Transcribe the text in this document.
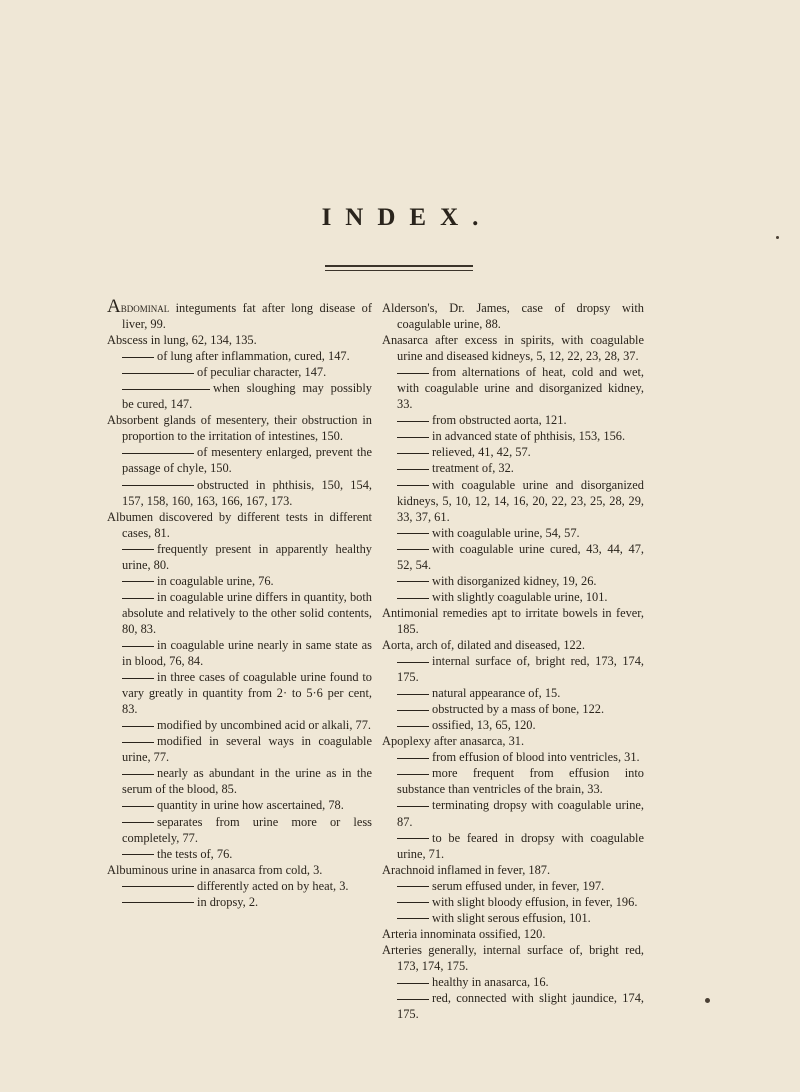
INDEX.

Abdominal integuments fat after long disease of liver, 99.

Abscess in lung, 62, 134, 135.

of lung after inflammation, cured, 147.

of peculiar character, 147.

when sloughing may possibly be cured, 147.

Absorbent glands of mesentery, their obstruction in proportion to the irritation of intestines, 150.

of mesentery enlarged, prevent the passage of chyle, 150.

obstructed in phthisis, 150, 154, 157, 158, 160, 163, 166, 167, 173.

Albumen discovered by different tests in different cases, 81.

frequently present in apparently healthy urine, 80.

in coagulable urine, 76.

in coagulable urine differs in quantity, both absolute and relatively to the other solid contents, 80, 83.

in coagulable urine nearly in same state as in blood, 76, 84.

in three cases of coagulable urine found to vary greatly in quantity from 2· to 5·6 per cent, 83.

modified by uncombined acid or alkali, 77.

modified in several ways in coagulable urine, 77.

nearly as abundant in the urine as in the serum of the blood, 85.

quantity in urine how ascertained, 78.

separates from urine more or less completely, 77.

the tests of, 76.

Albuminous urine in anasarca from cold, 3.

differently acted on by heat, 3.

in dropsy, 2.

Alderson's, Dr. James, case of dropsy with coagulable urine, 88.

Anasarca after excess in spirits, with coagulable urine and diseased kidneys, 5, 12, 22, 23, 28, 37.

from alternations of heat, cold and wet, with coagulable urine and disorganized kidney, 33.

from obstructed aorta, 121.

in advanced state of phthisis, 153, 156.

relieved, 41, 42, 57.

treatment of, 32.

with coagulable urine and disorganized kidneys, 5, 10, 12, 14, 16, 20, 22, 23, 25, 28, 29, 33, 37, 61.

with coagulable urine, 54, 57.

with coagulable urine cured, 43, 44, 47, 52, 54.

with disorganized kidney, 19, 26.

with slightly coagulable urine, 101.

Antimonial remedies apt to irritate bowels in fever, 185.

Aorta, arch of, dilated and diseased, 122.

internal surface of, bright red, 173, 174, 175.

natural appearance of, 15.

obstructed by a mass of bone, 122.

ossified, 13, 65, 120.

Apoplexy after anasarca, 31.

from effusion of blood into ventricles, 31.

more frequent from effusion into substance than ventricles of the brain, 33.

terminating dropsy with coagulable urine, 87.

to be feared in dropsy with coagulable urine, 71.

Arachnoid inflamed in fever, 187.

serum effused under, in fever, 197.

with slight bloody effusion, in fever, 196.

with slight serous effusion, 101.

Arteria innominata ossified, 120.

Arteries generally, internal surface of, bright red, 173, 174, 175.

healthy in anasarca, 16.

red, connected with slight jaundice, 174, 175.
